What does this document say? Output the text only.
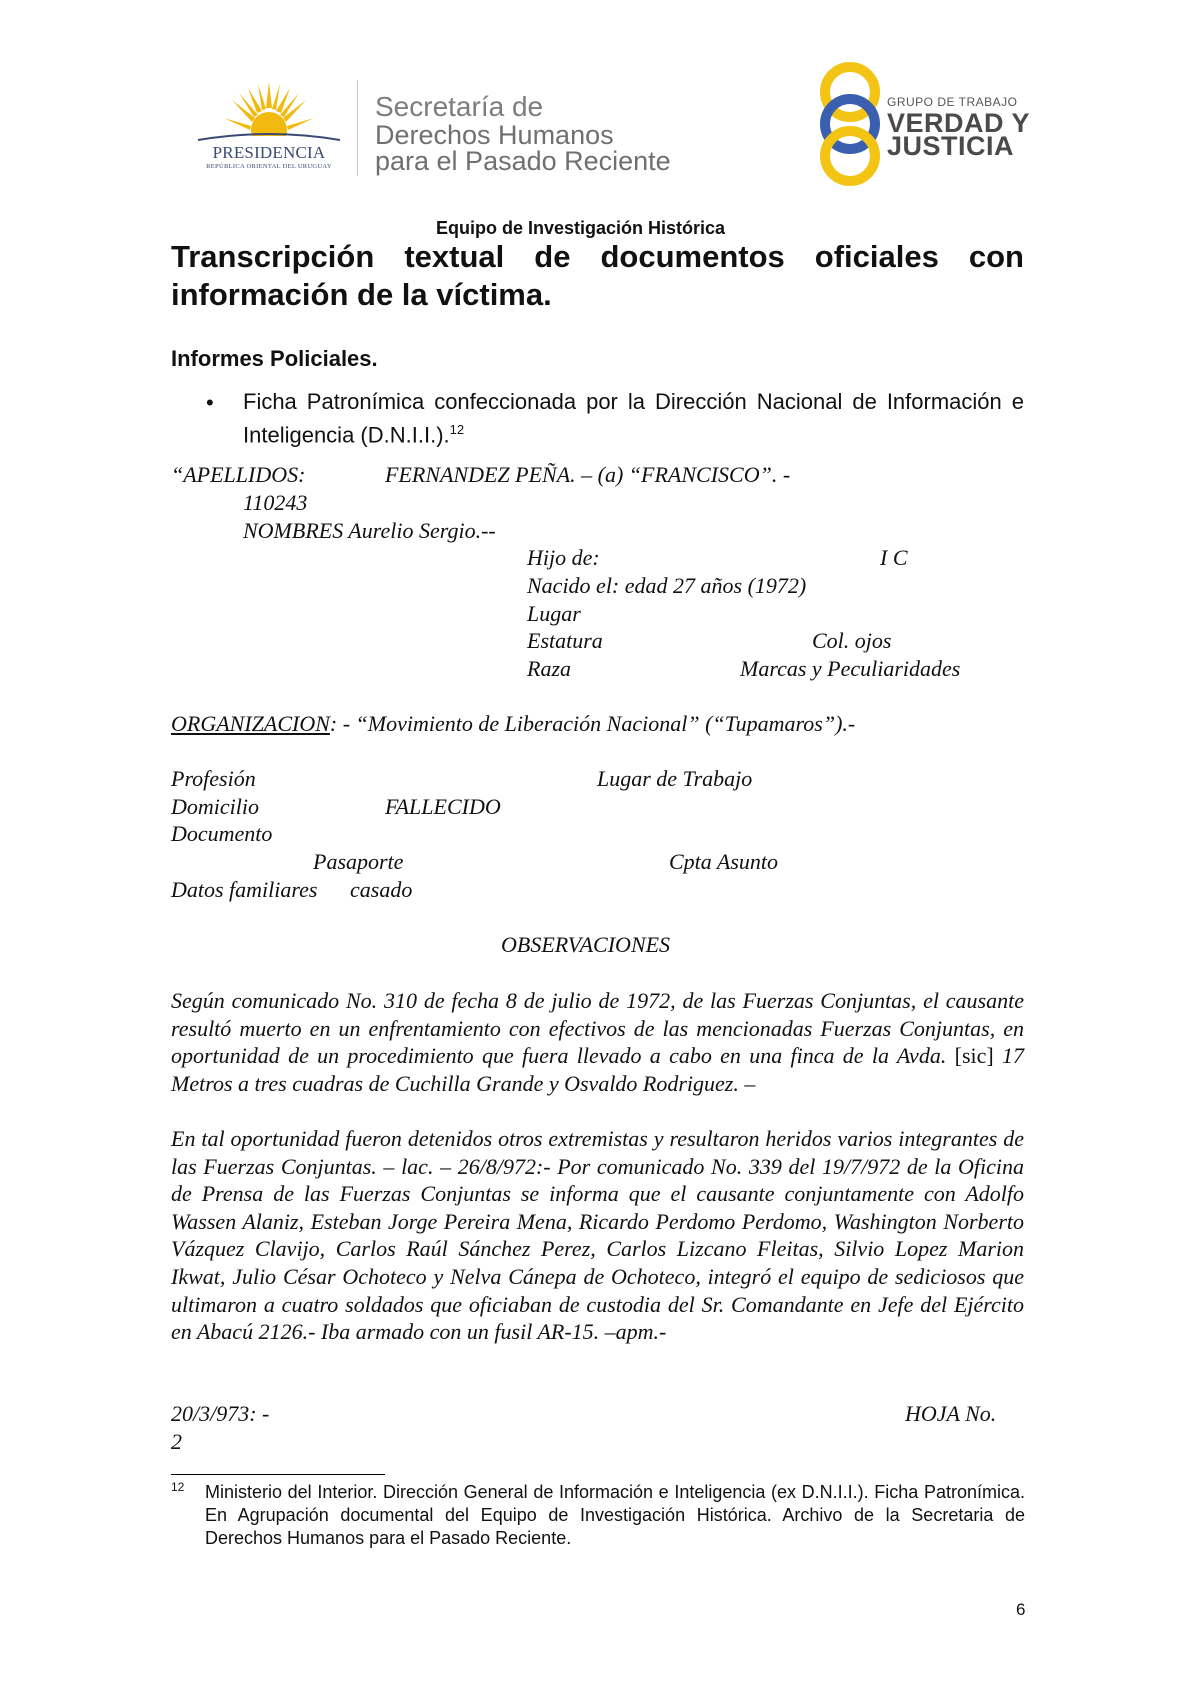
PRESIDENCIA
REPÚBLICA ORIENTAL DEL URUGUAY
Secretaría de
Derechos Humanos
para el Pasado Reciente
GRUPO DE TRABAJO
VERDAD Y
JUSTICIA
Equipo de Investigación Histórica
Transcripción textual de documentos oficiales con información de la víctima.
Informes Policiales.
• Ficha Patronímica confeccionada por la Dirección Nacional de Información e Inteligencia (D.N.I.I.).$^{12}$
“APELLIDOS:	FERNANDEZ PEÑA. – (a) “FRANCISCO”. -
110243
NOMBRES Aurelio Sergio.--
Hijo de:	I C
Nacido el: edad 27 años (1972)
Lugar
Estatura	Col. ojos
Raza	Marcas y Peculiaridades
ORGANIZACION: - “Movimiento de Liberación Nacional” (“Tupamaros”).-
Profesión	Lugar de Trabajo
Domicilio	FALLECIDO
Documento
Pasaporte	Cpta Asunto
Datos familiares casado
OBSERVACIONES
Según comunicado No. 310 de fecha 8 de julio de 1972, de las Fuerzas Conjuntas, el causante resultó muerto en un enfrentamiento con efectivos de las mencionadas Fuerzas Conjuntas, en oportunidad de un procedimiento que fuera llevado a cabo en una finca de la Avda. [sic] 17 Metros a tres cuadras de Cuchilla Grande y Osvaldo Rodriguez. –
En tal oportunidad fueron detenidos otros extremistas y resultaron heridos varios integrantes de las Fuerzas Conjuntas. – lac. – 26/8/972:- Por comunicado No. 339 del 19/7/972 de la Oficina de Prensa de las Fuerzas Conjuntas se informa que el causante conjuntamente con Adolfo Wassen Alaniz, Esteban Jorge Pereira Mena, Ricardo Perdomo Perdomo, Washington Norberto Vázquez Clavijo, Carlos Raúl Sánchez Perez, Carlos Lizcano Fleitas, Silvio Lopez Marion Ikwat, Julio César Ochoteco y Nelva Cánepa de Ochoteco, integró el equipo de sediciosos que ultimaron a cuatro soldados que oficiaban de custodia del Sr. Comandante en Jefe del Ejército en Abacú 2126.- Iba armado con un fusil AR-15. –apm.-
20/3/973: -	HOJA No.
2
12 Ministerio del Interior. Dirección General de Información e Inteligencia (ex D.N.I.I.). Ficha Patronímica. En Agrupación documental del Equipo de Investigación Histórica. Archivo de la Secretaria de Derechos Humanos para el Pasado Reciente.
6
